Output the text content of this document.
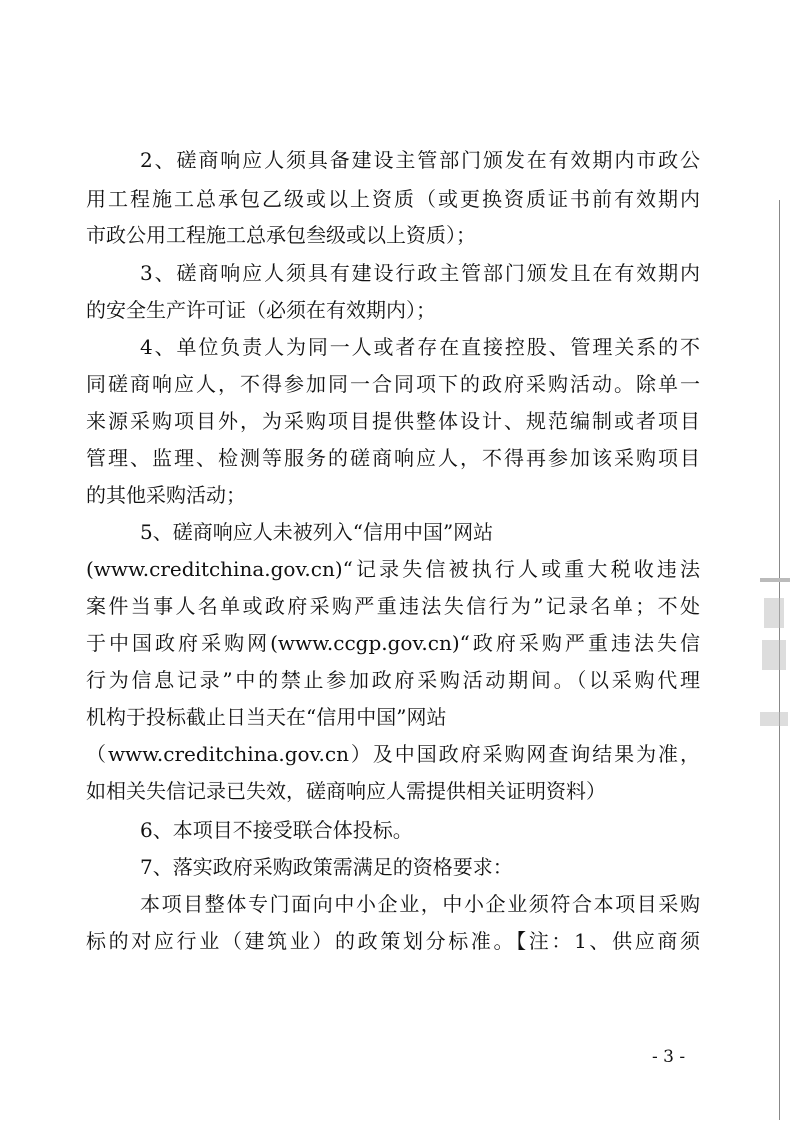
2、磋商响应人须具备建设主管部门颁发在有效期内市政公
用工程施工总承包乙级或以上资质（或更换资质证书前有效期内
市政公用工程施工总承包叁级或以上资质）；
3、磋商响应人须具有建设行政主管部门颁发且在有效期内
的安全生产许可证（必须在有效期内）；
4、单位负责人为同一人或者存在直接控股、管理关系的不
同磋商响应人，不得参加同一合同项下的政府采购活动。除单一
来源采购项目外，为采购项目提供整体设计、规范编制或者项目
管理、监理、检测等服务的磋商响应人，不得再参加该采购项目
的其他采购活动；
5、磋商响应人未被列入“信用中国”网站
(www.creditchina.gov.cn)“记录失信被执行人或重大税收违法
案件当事人名单或政府采购严重违法失信行为”记录名单；不处
于中国政府采购网(www.ccgp.gov.cn)“政府采购严重违法失信
行为信息记录”中的禁止参加政府采购活动期间。（以采购代理
机构于投标截止日当天在“信用中国”网站
（www.creditchina.gov.cn）及中国政府采购网查询结果为准，
如相关失信记录已失效，磋商响应人需提供相关证明资料）
6、本项目不接受联合体投标。
7、落实政府采购政策需满足的资格要求：
本项目整体专门面向中小企业，中小企业须符合本项目采购
标的对应行业（建筑业）的政策划分标准。【注：1、供应商须
- 3 -
